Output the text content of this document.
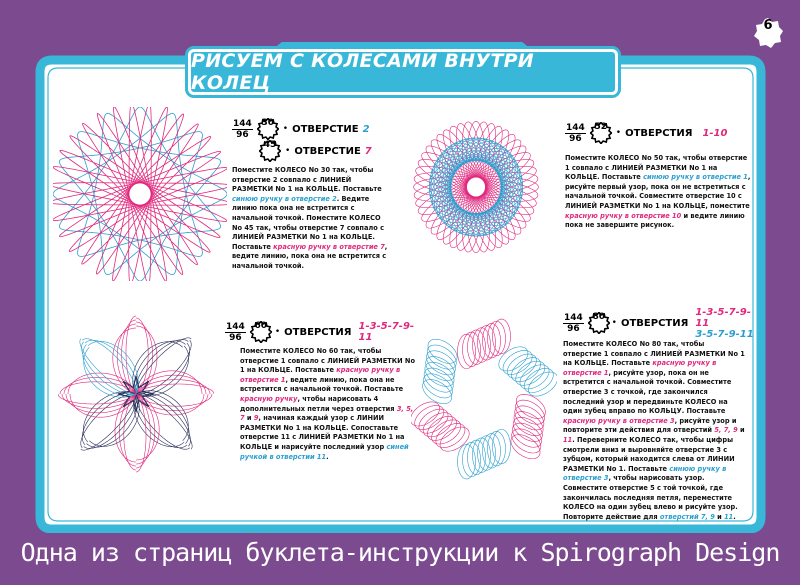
6
РИСУЕМ С КОЛЕСАМИ ВНУТРИ КОЛЕЦ
$\frac{144}{96} 30$
• ОТВЕРСТИЕ 2
45
• ОТВЕРСТИЕ 7
Поместите КОЛЕСО No 30 так, чтобы отверстие 2 совпало с ЛИНИЕЙ РАЗМЕТКИ No 1 на КОЛЬЦЕ. Поставьте синюю ручку в отверстие 2. Ведите линию пока она не встретится с начальной точкой. Поместите КОЛЕСО No 45 так, чтобы отверстие 7 совпало с ЛИНИЕЙ РАЗМЕТКИ No 1 на КОЛЬЦЕ. Поставьте красную ручку в отверстие 7, ведите линию, пока она не встретится с начальной точкой.
$\frac{144}{96} 52$
• ОТВЕРСТИЯ 1-10
Поместите КОЛЕСО No 50 так, чтобы отверстие 1 совпало с ЛИНИЕЙ РАЗМЕТКИ No 1 на КОЛЬЦЕ. Поставьте синюю ручку в отверстие 1, рисуйте первый узор, пока он не встретиться с начальной точкой. Совместите отверстие 10 с ЛИНИЕЙ РАЗМЕТКИ No 1 на КОЛЬЦЕ, поместите красную ручку в отверстие 10 и ведите линию пока не завершите рисунок.
$\frac{144}{96} 60$
• ОТВЕРСТИЯ 1-3-5-7-9-11
Поместите КОЛЕСО No 60 так, чтобы отверстие 1 совпало с ЛИНИЕЙ РАЗМЕТКИ No 1 на КОЛЬЦЕ. Поставьте красную ручку в отверстие 1, ведите линию, пока она не встретится с начальной точкой. Поставьте красную ручку, чтобы нарисовать 4 дополнительных петли через отверстия 3, 5, 7 и 9, начиная каждый узор с ЛИНИИ РАЗМЕТКИ No 1 на КОЛЬЦЕ. Сопоставьте отверстие 11 с ЛИНИЕЙ РАЗМЕТКИ No 1 на КОЛЬЦЕ и нарисуйте последний узор синей ручкой в отверстии 11.
$\frac{144}{96} 80$
• ОТВЕРСТИЯ
1-3-5-7-9-11
3-5-7-9-11
Поместите КОЛЕСО No 80 так, чтобы отверстие 1 совпало с ЛИНИЕЙ РАЗМЕТКИ No 1 на КОЛЬЦЕ. Поставьте красную ручку в отверстие 1, рисуйте узор, пока он не встретится с начальной точкой. Совместите отверстие 3 с точкой, где закончился последний узор и передвиньте КОЛЕСО на один зубец вправо по КОЛЬЦУ. Поставьте красную ручку в отверстие 3, рисуйте узор и повторите эти действия для отверстий 5, 7, 9 и 11. Переверните КОЛЕСО так, чтобы цифры смотрели вниз и выровняйте отверстие 3 с зубцом, который находится слева от ЛИНИИ РАЗМЕТКИ No 1. Поставьте синюю ручку в отверстие 3, чтобы нарисовать узор. Совместите отверстие 5 с той точкой, где закончилась последняя петля, переместите КОЛЕСО на один зубец влево и рисуйте узор. Повторите действие для отверстий 7, 9 и 11.
Одна из страниц буклета-инструкции к Spirograph Design
